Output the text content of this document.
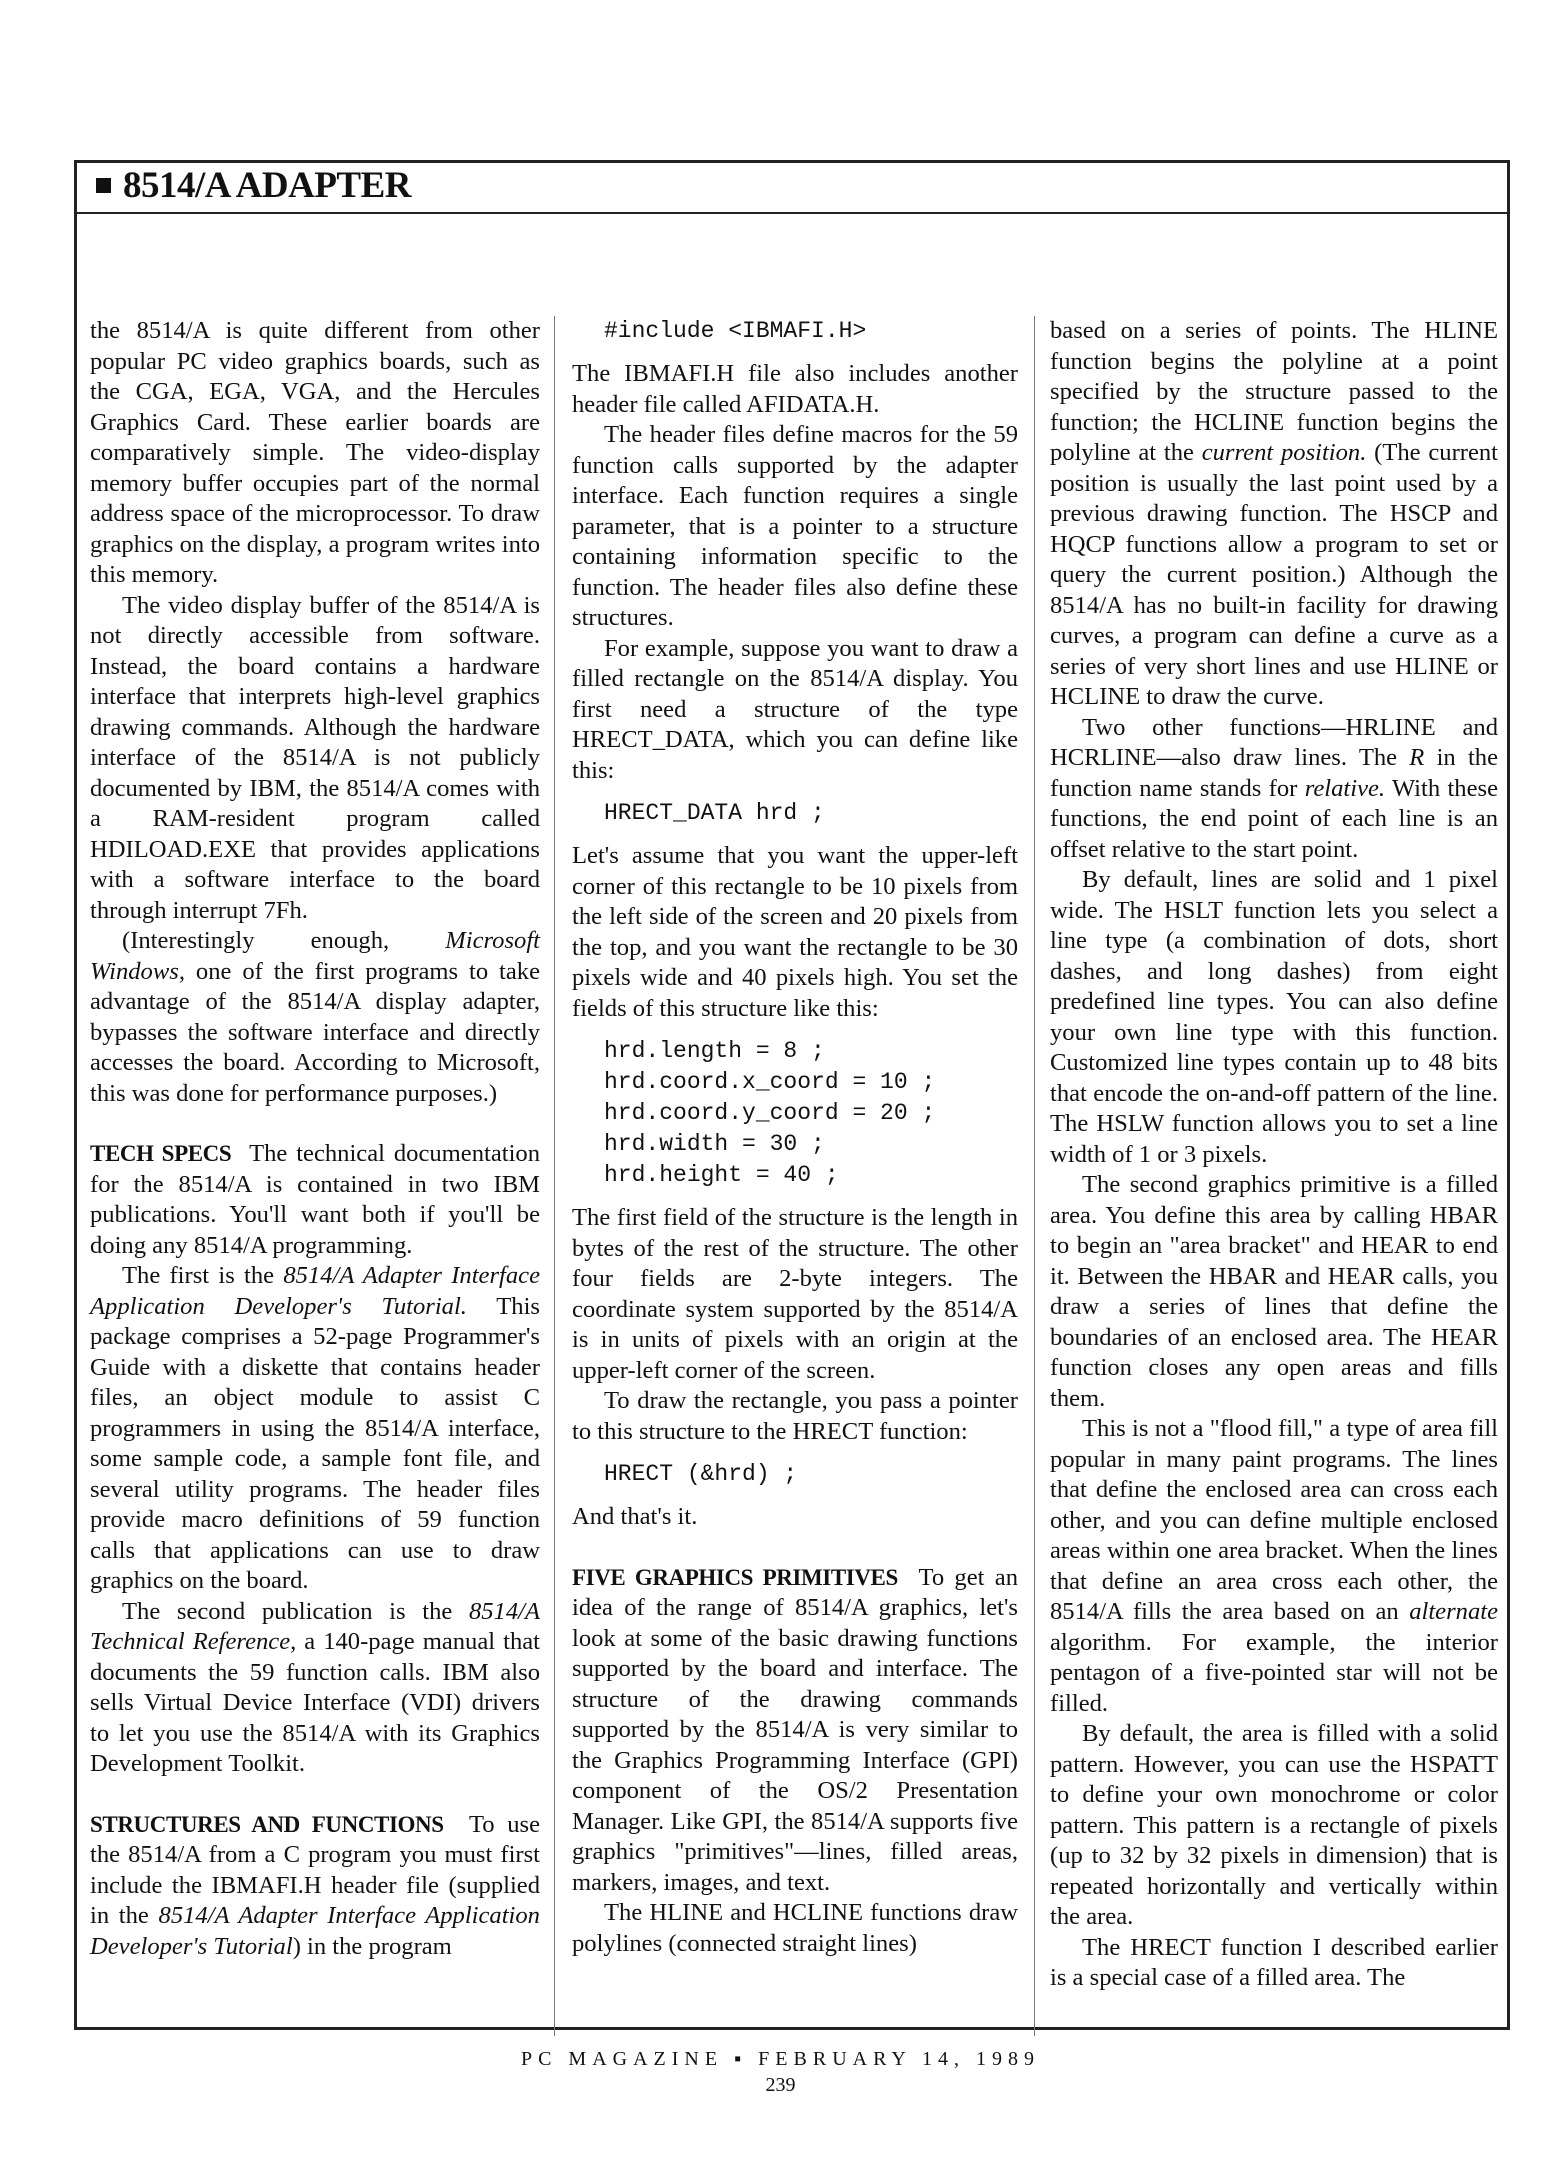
8514/A ADAPTER

the 8514/A is quite different from other popular PC video graphics boards, such as the CGA, EGA, VGA, and the Hercules Graphics Card. These earlier boards are comparatively simple. The video-display memory buffer occupies part of the normal address space of the microprocessor. To draw graphics on the display, a program writes into this memory.

The video display buffer of the 8514/A is not directly accessible from software. Instead, the board contains a hardware interface that interprets high-level graphics drawing commands. Although the hardware interface of the 8514/A is not publicly documented by IBM, the 8514/A comes with a RAM-resident program called HDILOAD.EXE that provides applications with a software interface to the board through interrupt 7Fh.

(Interestingly enough, Microsoft Windows, one of the first programs to take advantage of the 8514/A display adapter, bypasses the software interface and directly accesses the board. According to Microsoft, this was done for performance purposes.)

TECH SPECS The technical documentation for the 8514/A is contained in two IBM publications. You'll want both if you'll be doing any 8514/A programming.

The first is the 8514/A Adapter Interface Application Developer's Tutorial. This package comprises a 52-page Programmer's Guide with a diskette that contains header files, an object module to assist C programmers in using the 8514/A interface, some sample code, a sample font file, and several utility programs. The header files provide macro definitions of 59 function calls that applications can use to draw graphics on the board.

The second publication is the 8514/A Technical Reference, a 140-page manual that documents the 59 function calls. IBM also sells Virtual Device Interface (VDI) drivers to let you use the 8514/A with its Graphics Development Toolkit.

STRUCTURES AND FUNCTIONS To use the 8514/A from a C program you must first include the IBMAFI.H header file (supplied in the 8514/A Adapter Interface Application Developer's Tutorial) in the program

#include <IBMAFI.H>

The IBMAFI.H file also includes another header file called AFIDATA.H.

The header files define macros for the 59 function calls supported by the adapter interface. Each function requires a single parameter, that is a pointer to a structure containing information specific to the function. The header files also define these structures.

For example, suppose you want to draw a filled rectangle on the 8514/A display. You first need a structure of the type HRECT_DATA, which you can define like this:

HRECT_DATA hrd ;

Let's assume that you want the upper-left corner of this rectangle to be 10 pixels from the left side of the screen and 20 pixels from the top, and you want the rectangle to be 30 pixels wide and 40 pixels high. You set the fields of this structure like this:

hrd.length = 8 ;
hrd.coord.x_coord = 10 ;
hrd.coord.y_coord = 20 ;
hrd.width = 30 ;
hrd.height = 40 ;

The first field of the structure is the length in bytes of the rest of the structure. The other four fields are 2-byte integers. The coordinate system supported by the 8514/A is in units of pixels with an origin at the upper-left corner of the screen.

To draw the rectangle, you pass a pointer to this structure to the HRECT function:

HRECT (&hrd) ;

And that's it.

FIVE GRAPHICS PRIMITIVES To get an idea of the range of 8514/A graphics, let's look at some of the basic drawing functions supported by the board and interface. The structure of the drawing commands supported by the 8514/A is very similar to the Graphics Programming Interface (GPI) component of the OS/2 Presentation Manager. Like GPI, the 8514/A supports five graphics "primitives"—lines, filled areas, markers, images, and text.

The HLINE and HCLINE functions draw polylines (connected straight lines)

based on a series of points. The HLINE function begins the polyline at a point specified by the structure passed to the function; the HCLINE function begins the polyline at the current position. (The current position is usually the last point used by a previous drawing function. The HSCP and HQCP functions allow a program to set or query the current position.) Although the 8514/A has no built-in facility for drawing curves, a program can define a curve as a series of very short lines and use HLINE or HCLINE to draw the curve.

Two other functions—HRLINE and HCRLINE—also draw lines. The R in the function name stands for relative. With these functions, the end point of each line is an offset relative to the start point.

By default, lines are solid and 1 pixel wide. The HSLT function lets you select a line type (a combination of dots, short dashes, and long dashes) from eight predefined line types. You can also define your own line type with this function. Customized line types contain up to 48 bits that encode the on-and-off pattern of the line. The HSLW function allows you to set a line width of 1 or 3 pixels.

The second graphics primitive is a filled area. You define this area by calling HBAR to begin an "area bracket" and HEAR to end it. Between the HBAR and HEAR calls, you draw a series of lines that define the boundaries of an enclosed area. The HEAR function closes any open areas and fills them.

This is not a "flood fill," a type of area fill popular in many paint programs. The lines that define the enclosed area can cross each other, and you can define multiple enclosed areas within one area bracket. When the lines that define an area cross each other, the 8514/A fills the area based on an alternate algorithm. For example, the interior pentagon of a five-pointed star will not be filled.

By default, the area is filled with a solid pattern. However, you can use the HSPATT to define your own monochrome or color pattern. This pattern is a rectangle of pixels (up to 32 by 32 pixels in dimension) that is repeated horizontally and vertically within the area.

The HRECT function I described earlier is a special case of a filled area. The

PC MAGAZINE ▪ FEBRUARY 14, 1989
239
